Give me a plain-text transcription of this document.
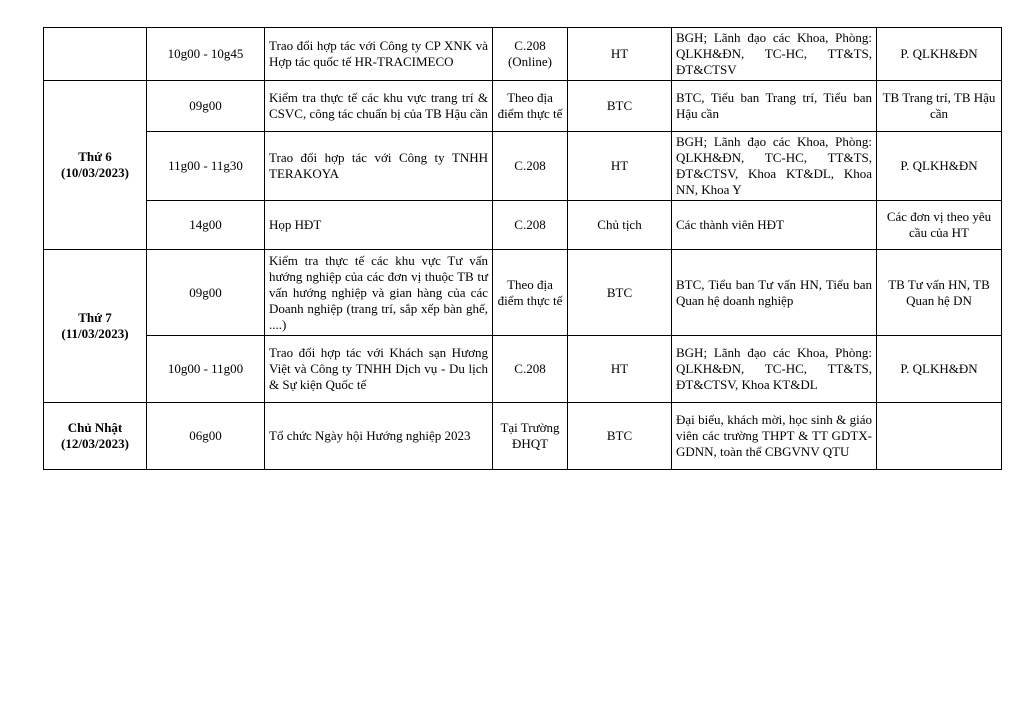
	10g00 - 10g45	Trao đổi hợp tác với Công ty CP XNK và Hợp tác quốc tế HR-TRACIMECO	C.208 (Online)	HT	BGH; Lãnh đạo các Khoa, Phòng: QLKH&ĐN, TC-HC, TT&TS, ĐT&CTSV	P. QLKH&ĐN

Thứ 6
(10/03/2023)	09g00	Kiểm tra thực tế các khu vực trang trí & CSVC, công tác chuẩn bị của TB Hậu cần	Theo địa điểm thực tế	BTC	BTC, Tiểu ban Trang trí, Tiểu ban Hậu cần	TB Trang trí, TB Hậu cần
	11g00 - 11g30	Trao đổi hợp tác với Công ty TNHH TERAKOYA	C.208	HT	BGH; Lãnh đạo các Khoa, Phòng: QLKH&ĐN, TC-HC, TT&TS, ĐT&CTSV, Khoa KT&DL, Khoa NN, Khoa Y	P. QLKH&ĐN
	14g00	Họp HĐT	C.208	Chủ tịch	Các thành viên HĐT	Các đơn vị theo yêu cầu của HT

Thứ 7
(11/03/2023)	09g00	Kiểm tra thực tế các khu vực Tư vấn hướng nghiệp của các đơn vị thuộc TB tư vấn hướng nghiệp và gian hàng của các Doanh nghiệp (trang trí, sắp xếp bàn ghế, ....)	Theo địa điểm thực tế	BTC	BTC, Tiểu ban Tư vấn HN, Tiểu ban Quan hệ doanh nghiệp	TB Tư vấn HN, TB Quan hệ DN
	10g00 - 11g00	Trao đổi hợp tác với Khách sạn Hương Việt và Công ty TNHH Dịch vụ - Du lịch & Sự kiện Quốc tế	C.208	HT	BGH; Lãnh đạo các Khoa, Phòng: QLKH&ĐN, TC-HC, TT&TS, ĐT&CTSV, Khoa KT&DL	P. QLKH&ĐN

Chủ Nhật
(12/03/2023)	06g00	Tổ chức Ngày hội Hướng nghiệp 2023	Tại Trường ĐHQT	BTC	Đại biểu, khách mời, học sinh & giáo viên các trường THPT & TT GDTX-GDNN, toàn thể CBGVNV QTU	
